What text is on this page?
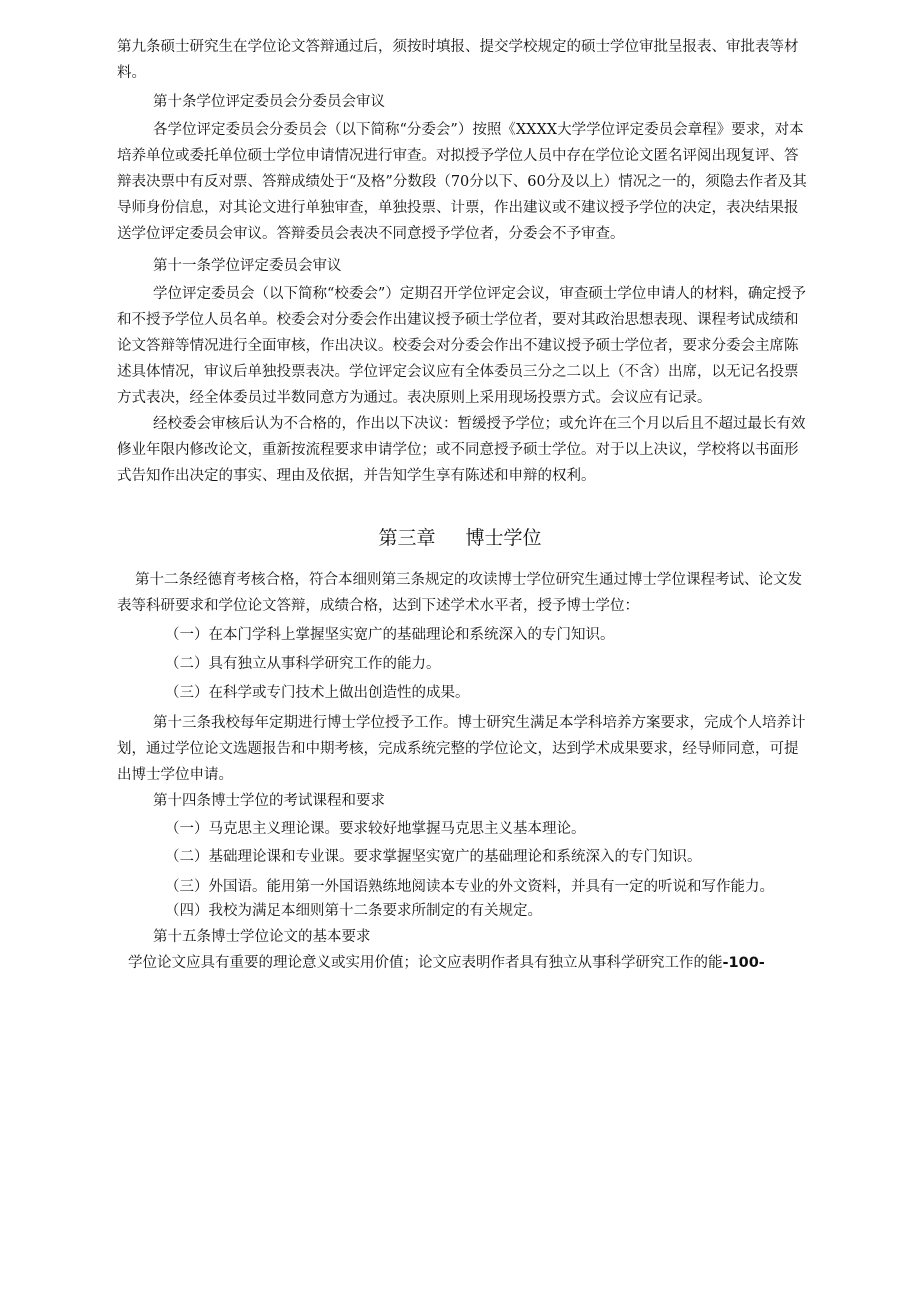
第九条硕士研究生在学位论文答辩通过后，须按时填报、提交学校规定的硕士学位审批呈报表、审批表等材料。
第十条学位评定委员会分委员会审议
各学位评定委员会分委员会（以下简称“分委会”）按照《XXXX大学学位评定委员会章程》要求，对本培养单位或委托单位硕士学位申请情况进行审查。对拟授予学位人员中存在学位论文匿名评阅出现复评、答辩表决票中有反对票、答辩成绩处于“及格”分数段（70分以下、60分及以上）情况之一的，须隐去作者及其导师身份信息，对其论文进行单独审查，单独投票、计票，作出建议或不建议授予学位的决定，表决结果报送学位评定委员会审议。答辩委员会表决不同意授予学位者，分委会不予审查。
第十一条学位评定委员会审议
学位评定委员会（以下简称“校委会”）定期召开学位评定会议，审查硕士学位申请人的材料，确定授予和不授予学位人员名单。校委会对分委会作出建议授予硕士学位者，要对其政治思想表现、课程考试成绩和论文答辩等情况进行全面审核，作出决议。校委会对分委会作出不建议授予硕士学位者，要求分委会主席陈述具体情况，审议后单独投票表决。学位评定会议应有全体委员三分之二以上（不含）出席，以无记名投票方式表决，经全体委员过半数同意方为通过。表决原则上采用现场投票方式。会议应有记录。
经校委会审核后认为不合格的，作出以下决议：暂缓授予学位；或允许在三个月以后且不超过最长有效修业年限内修改论文，重新按流程要求申请学位；或不同意授予硕士学位。对于以上决议，学校将以书面形式告知作出决定的事实、理由及依据，并告知学生享有陈述和申辩的权利。
第三章 博士学位
第十二条经德育考核合格，符合本细则第三条规定的攻读博士学位研究生通过博士学位课程考试、论文发表等科研要求和学位论文答辩，成绩合格，达到下述学术水平者，授予博士学位：
（一）在本门学科上掌握坚实宽广的基础理论和系统深入的专门知识。
（二）具有独立从事科学研究工作的能力。
（三）在科学或专门技术上做出创造性的成果。
第十三条我校每年定期进行博士学位授予工作。博士研究生满足本学科培养方案要求，完成个人培养计划，通过学位论文选题报告和中期考核，完成系统完整的学位论文，达到学术成果要求，经导师同意，可提出博士学位申请。
第十四条博士学位的考试课程和要求
（一）马克思主义理论课。要求较好地掌握马克思主义基本理论。
（二）基础理论课和专业课。要求掌握坚实宽广的基础理论和系统深入的专门知识。
（三）外国语。能用第一外国语熟练地阅读本专业的外文资料，并具有一定的听说和写作能力。
（四）我校为满足本细则第十二条要求所制定的有关规定。
第十五条博士学位论文的基本要求
学位论文应具有重要的理论意义或实用价值；论文应表明作者具有独立从事科学研究工作的能-100-
